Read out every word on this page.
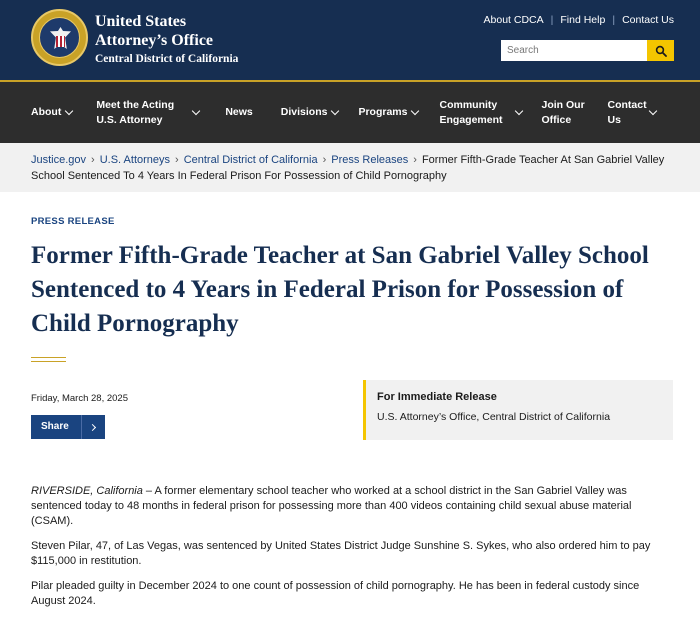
United States
Attorney’s Office
Central District of California
About CDCA | Find Help | Contact Us
Search
About
Meet the Acting U.S. Attorney
News	Divisions	Programs
Community Engagement
Join Our Office
Contact Us
Justice.gov › U.S. Attorneys › Central District of California › Press Releases › Former Fifth-Grade Teacher At San Gabriel Valley School Sentenced To 4 Years In Federal Prison For Possession of Child Pornography
PRESS RELEASE
Former Fifth-Grade Teacher at San Gabriel Valley School Sentenced to 4 Years in Federal Prison for Possession of Child Pornography
Friday, March 28, 2025
Share
For Immediate Release
U.S. Attorney’s Office, Central District of California

RIVERSIDE, California – A former elementary school teacher who worked at a school district in the San Gabriel Valley was sentenced today to 48 months in federal prison for possessing more than 400 videos containing child sexual abuse material (CSAM).

Steven Pilar, 47, of Las Vegas, was sentenced by United States District Judge Sunshine S. Sykes, who also ordered him to pay $115,000 in restitution.

Pilar pleaded guilty in December 2024 to one count of possession of child pornography. He has been in federal custody since August 2024.
